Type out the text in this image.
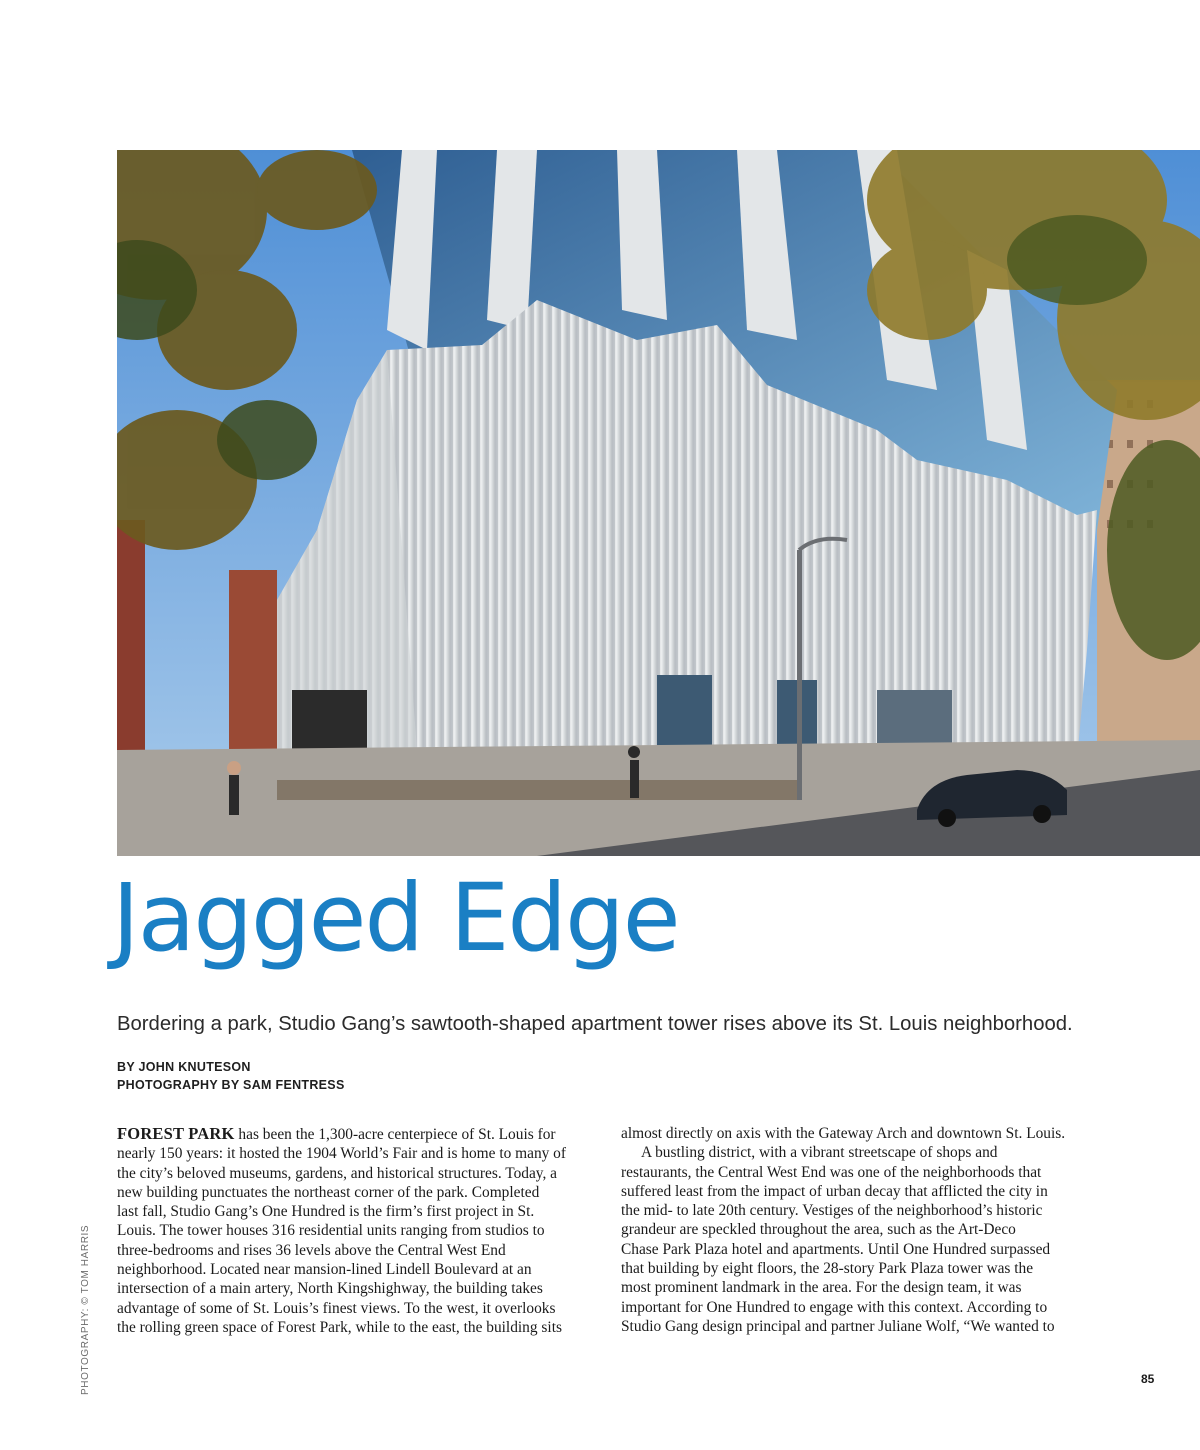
PHOTOGRAPHY: © TOM HARRIS
Jagged Edge

Bordering a park, Studio Gang’s sawtooth-shaped apartment tower rises above its St. Louis neighborhood.

BY JOHN KNUTESON
PHOTOGRAPHY BY SAM FENTRESS

FOREST PARK has been the 1,300-acre centerpiece of St. Louis for

nearly 150 years: it hosted the 1904 World’s Fair and is home to many of

the city’s beloved museums, gardens, and historical structures. Today, a

new building punctuates the northeast corner of the park. Completed

last fall, Studio Gang’s One Hundred is the firm’s first project in St.

Louis. The tower houses 316 residential units ranging from studios to

three-bedrooms and rises 36 levels above the Central West End

neighborhood. Located near mansion-lined Lindell Boulevard at an

intersection of a main artery, North Kingshighway, the building takes

advantage of some of St. Louis’s finest views. To the west, it overlooks

the rolling green space of Forest Park, while to the east, the building sits

almost directly on axis with the Gateway Arch and downtown St. Louis.

A bustling district, with a vibrant streetscape of shops and

restaurants, the Central West End was one of the neighborhoods that

suffered least from the impact of urban decay that afflicted the city in

the mid- to late 20th century. Vestiges of the neighborhood’s historic

grandeur are speckled throughout the area, such as the Art-Deco

Chase Park Plaza hotel and apartments. Until One Hundred surpassed

that building by eight floors, the 28-story Park Plaza tower was the

most prominent landmark in the area. For the design team, it was

important for One Hundred to engage with this context. According to

Studio Gang design principal and partner Juliane Wolf, “We wanted to

85
